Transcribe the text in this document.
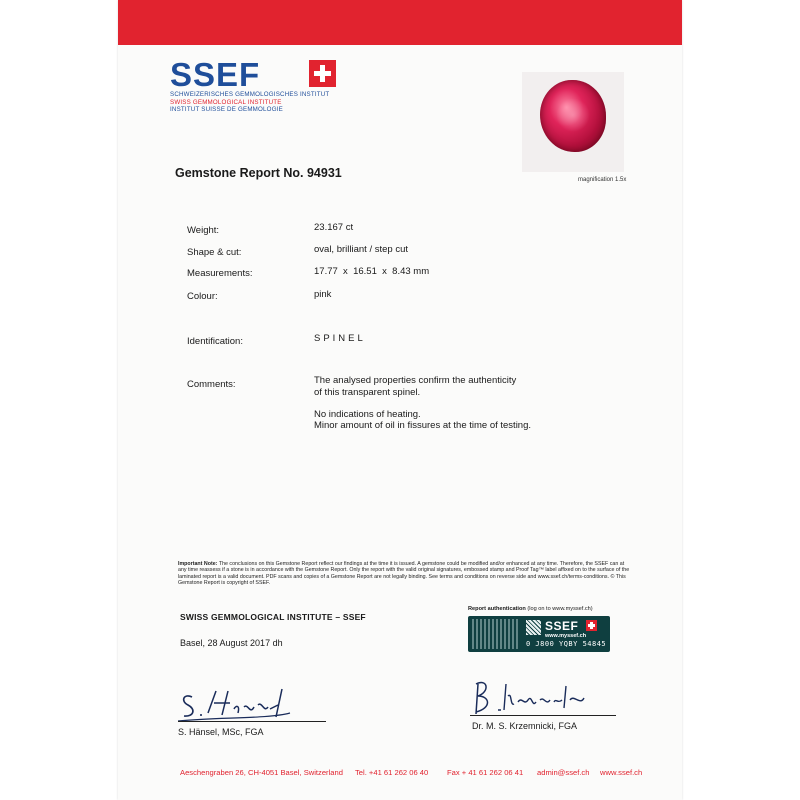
SSEF
SCHWEIZERISCHES GEMMOLOGISCHES INSTITUT
SWISS GEMMOLOGICAL INSTITUTE
INSTITUT SUISSE DE GEMMOLOGIE
magnification 1.5x
Gemstone Report No. 94931
Weight:	23.167 ct
Shape & cut:	oval, brilliant / step cut
Measurements:	17.77  x  16.51  x  8.43 mm
Colour:	pink
Identification:	SPINEL
Comments:	The analysed properties confirm the authenticity
of this transparent spinel.
No indications of heating.
Minor amount of oil in fissures at the time of testing.
Important Note: The conclusions on this Gemstone Report reflect our findings at the time it is issued. A gemstone could be modified and/or enhanced at any time. Therefore, the SSEF can at any time reassess if a stone is in accordance with the Gemstone Report. Only the report with the valid original signatures, embossed stamp and Proof Tag™ label affixed on to the surface of the laminated report is a valid document. PDF scans and copies of a Gemstone Report are not legally binding. See terms and conditions on reverse side and www.ssef.ch/terms-conditions. © This Gemstone Report is copyright of SSEF.
SWISS GEMMOLOGICAL INSTITUTE – SSEF
Basel, 28 August 2017 dh
Report authentication (log on to www.myssef.ch)
SSEF
www.myssef.ch
0 J800 YQBY 54845
S. Hänsel, MSc, FGA
Dr. M. S. Krzemnicki, FGA
Aeschengraben 26, CH-4051 Basel, Switzerland Tel. +41 61 262 06 40 Fax + 41 61 262 06 41 admin@ssef.ch www.ssef.ch
